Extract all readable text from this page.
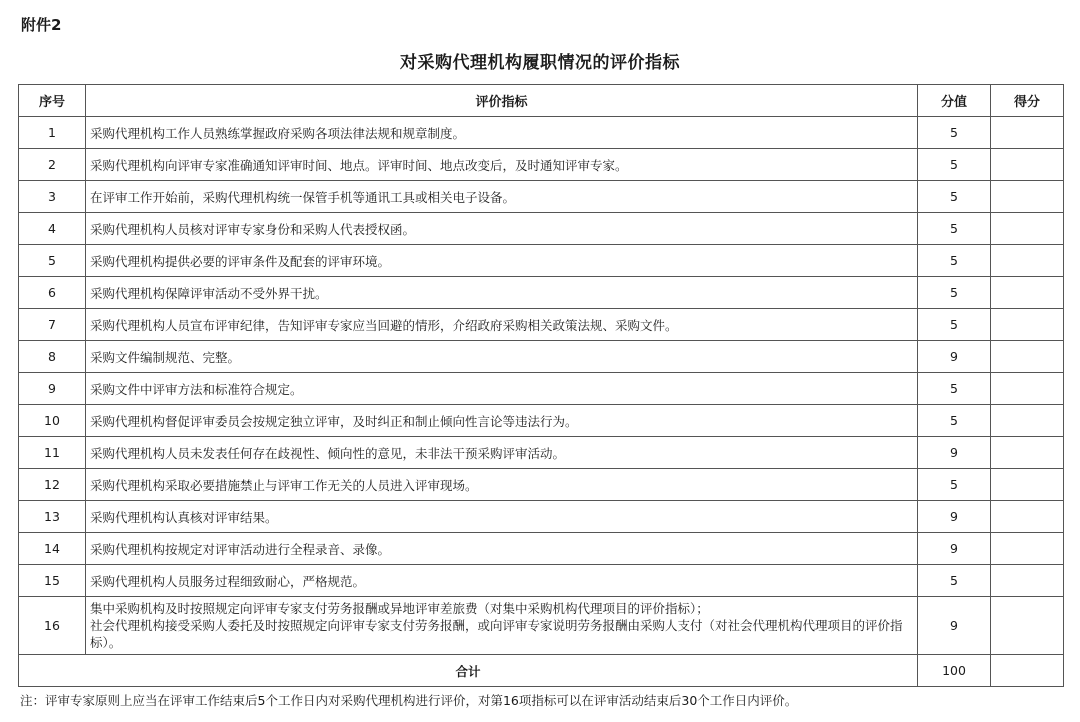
附件2
对采购代理机构履职情况的评价指标
序号	评价指标	分值	得分
1	采购代理机构工作人员熟练掌握政府采购各项法律法规和规章制度。	5	
2	采购代理机构向评审专家准确通知评审时间、地点。评审时间、地点改变后，及时通知评审专家。	5	
3	在评审工作开始前，采购代理机构统一保管手机等通讯工具或相关电子设备。	5	
4	采购代理机构人员核对评审专家身份和采购人代表授权函。	5	
5	采购代理机构提供必要的评审条件及配套的评审环境。	5	
6	采购代理机构保障评审活动不受外界干扰。	5	
7	采购代理机构人员宣布评审纪律，告知评审专家应当回避的情形，介绍政府采购相关政策法规、采购文件。	5	
8	采购文件编制规范、完整。	9	
9	采购文件中评审方法和标准符合规定。	5	
10	采购代理机构督促评审委员会按规定独立评审，及时纠正和制止倾向性言论等违法行为。	5	
11	采购代理机构人员未发表任何存在歧视性、倾向性的意见，未非法干预采购评审活动。	9	
12	采购代理机构采取必要措施禁止与评审工作无关的人员进入评审现场。	5	
13	采购代理机构认真核对评审结果。	9	
14	采购代理机构按规定对评审活动进行全程录音、录像。	9	
15	采购代理机构人员服务过程细致耐心，严格规范。	5	
16	集中采购机构及时按照规定向评审专家支付劳务报酬或异地评审差旅费（对集中采购机构代理项目的评价指标）；
社会代理机构接受采购人委托及时按照规定向评审专家支付劳务报酬，或向评审专家说明劳务报酬由采购人支付（对社会代理机构代理项目的评价指标）。	9	
合计		100	
注：评审专家原则上应当在评审工作结束后5个工作日内对采购代理机构进行评价，对第16项指标可以在评审活动结束后30个工作日内评价。
